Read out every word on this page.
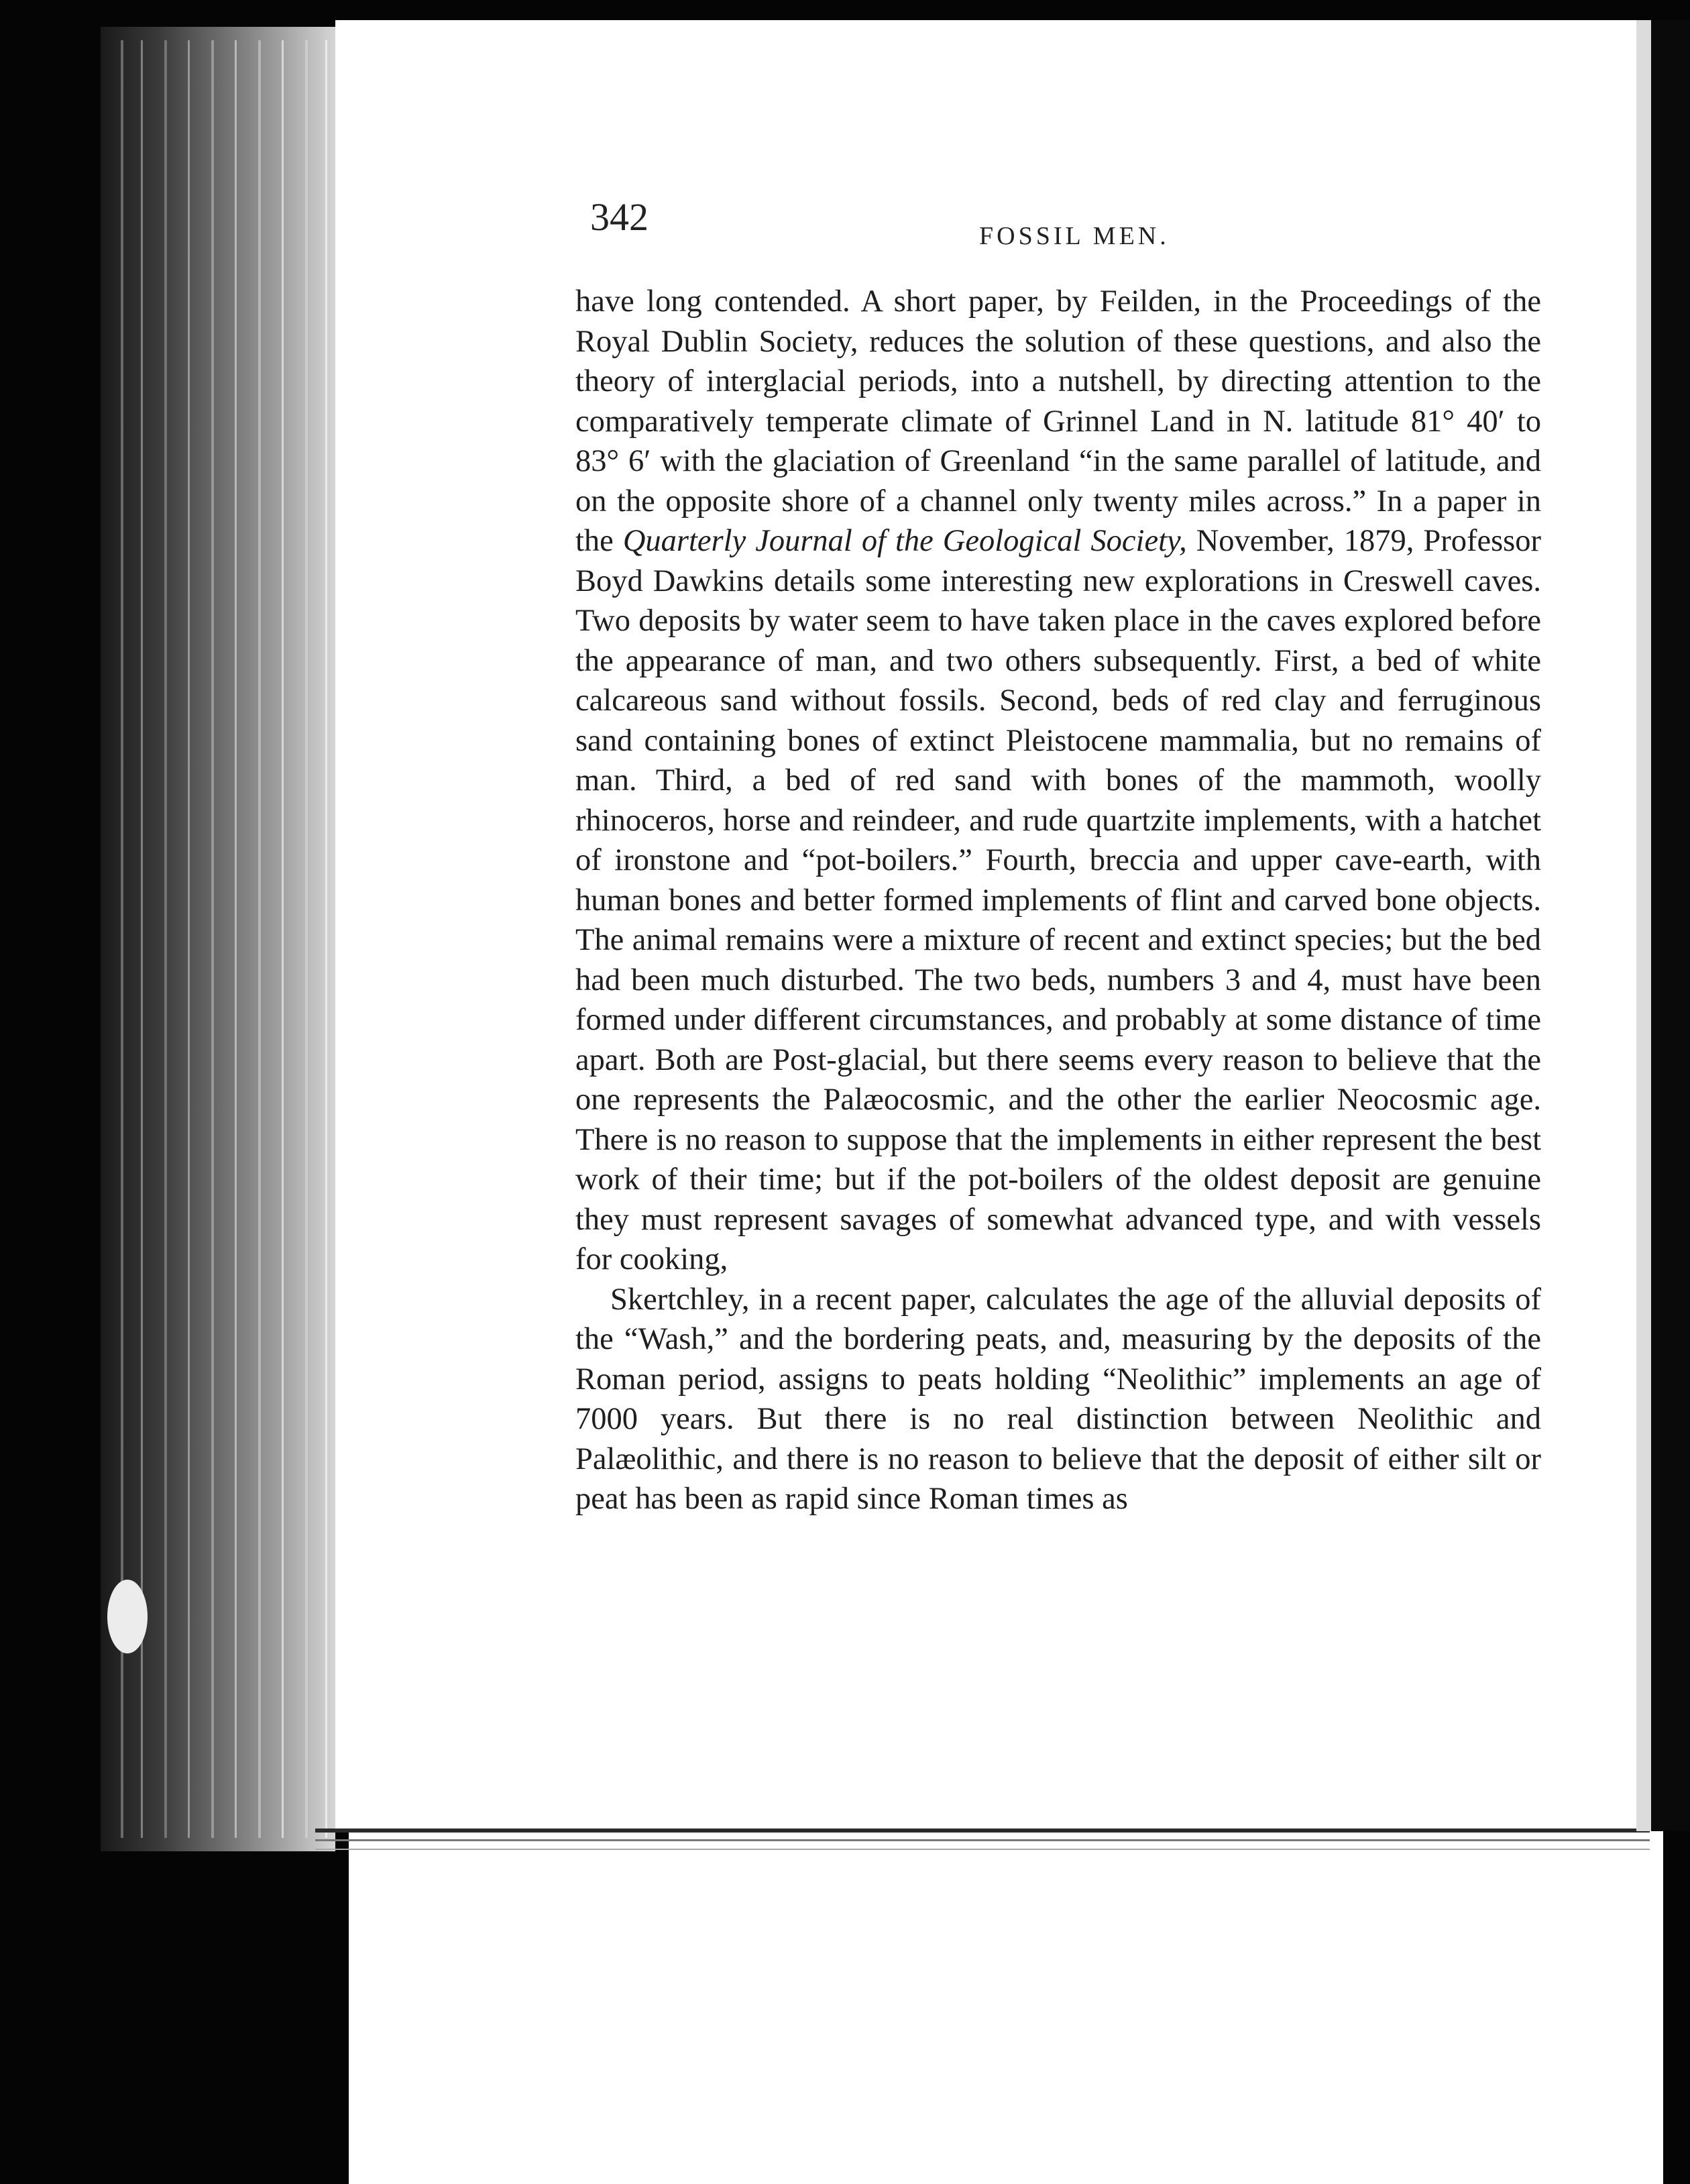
342	FOSSIL MEN.

have long contended. A short paper, by Feilden, in the Proceedings of the Royal Dublin Society, reduces the solution of these questions, and also the theory of interglacial periods, into a nutshell, by directing attention to the comparatively temperate climate of Grinnel Land in N. latitude 81° 40′ to 83° 6′ with the glaciation of Greenland “in the same parallel of latitude, and on the opposite shore of a channel only twenty miles across.” In a paper in the Quarterly Journal of the Geological Society, November, 1879, Professor Boyd Dawkins details some interesting new explorations in Creswell caves. Two deposits by water seem to have taken place in the caves explored before the appearance of man, and two others subsequently. First, a bed of white calcareous sand without fossils. Second, beds of red clay and ferruginous sand containing bones of extinct Pleistocene mammalia, but no remains of man. Third, a bed of red sand with bones of the mammoth, woolly rhinoceros, horse and reindeer, and rude quartzite implements, with a hatchet of ironstone and “pot-boilers.” Fourth, breccia and upper cave-earth, with human bones and better formed implements of flint and carved bone objects. The animal remains were a mixture of recent and extinct species; but the bed had been much disturbed. The two beds, numbers 3 and 4, must have been formed under different circumstances, and probably at some distance of time apart. Both are Post-glacial, but there seems every reason to believe that the one represents the Palæocosmic, and the other the earlier Neocosmic age. There is no reason to suppose that the implements in either represent the best work of their time; but if the pot-boilers of the oldest deposit are genuine they must represent savages of somewhat advanced type, and with vessels for cooking,

Skertchley, in a recent paper, calculates the age of the alluvial deposits of the “Wash,” and the bordering peats, and, measuring by the deposits of the Roman period, assigns to peats holding “Neolithic” implements an age of 7000 years. But there is no real distinction between Neolithic and Palæolithic, and there is no reason to believe that the deposit of either silt or peat has been as rapid since Roman times as
